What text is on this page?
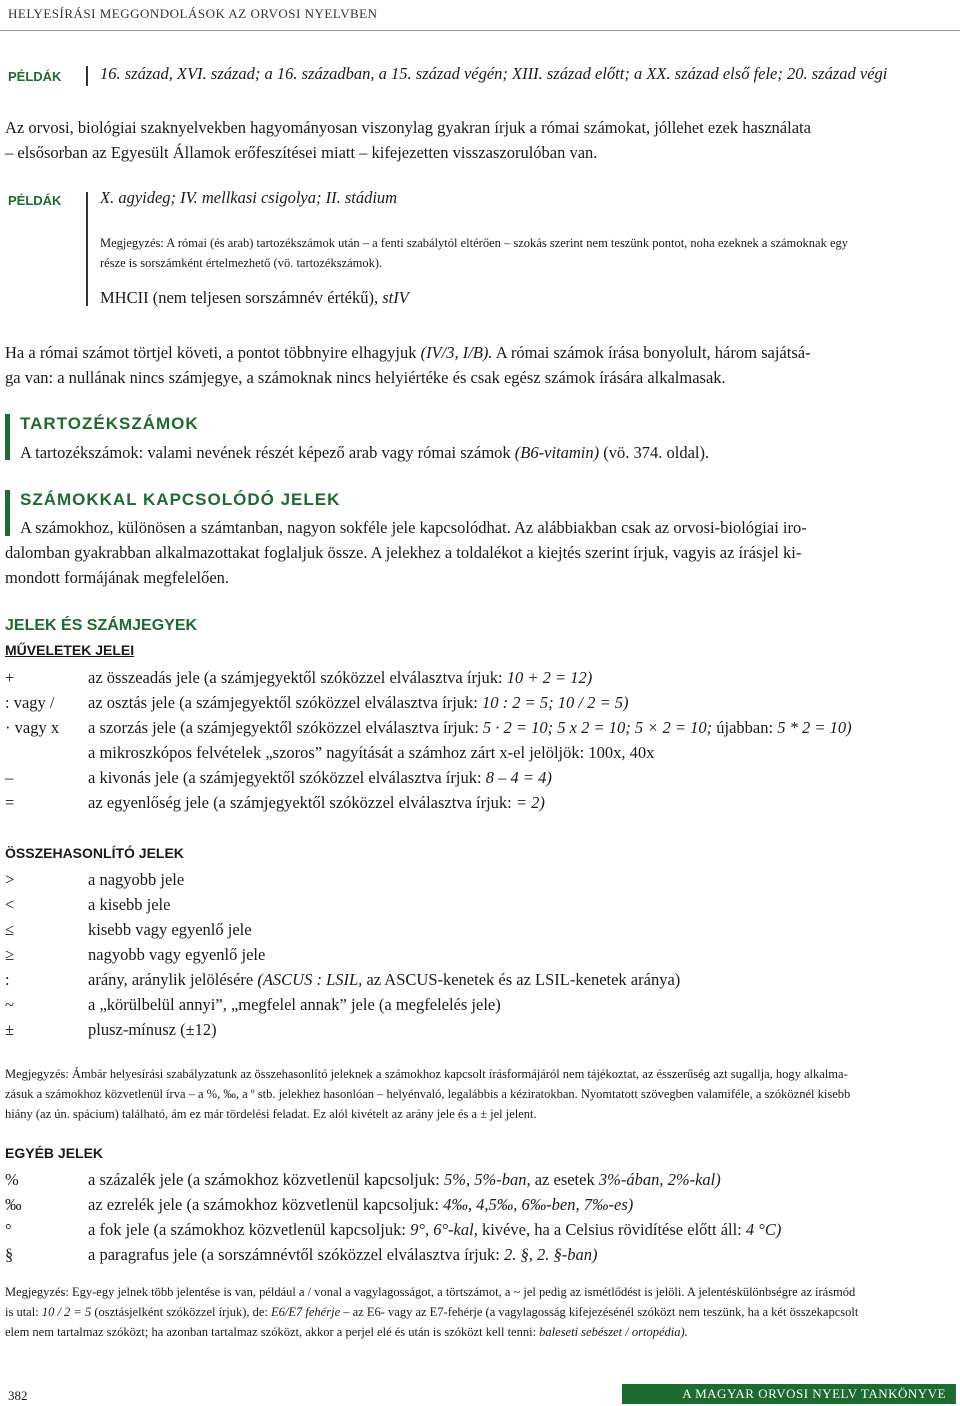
HELYESÍRÁSI MEGGONDOLÁSOK AZ ORVOSI NYELVBEN
PÉLDÁK 16. század, XVI. század; a 16. században, a 15. század végén; XIII. század előtt; a XX. század első fele; 20. század végi
Az orvosi, biológiai szaknyelvekben hagyományosan viszonylag gyakran írjuk a római számokat, jóllehet ezek használata
– elsősorban az Egyesült Államok erőfeszítései miatt – kifejezetten visszaszorulóban van.
PÉLDÁK X. agyideg; IV. mellkasi csigolya; II. stádium
Megjegyzés: A római (és arab) tartozékszámok után – a fenti szabálytól eltérően – szokás szerint nem teszünk pontot, noha ezeknek a számoknak egy
része is sorszámként értelmezhető (vö. tartozékszámok).
MHCII (nem teljesen sorszámnév értékű), stIV
Ha a római számot törtjel követi, a pontot többnyire elhagyjuk (IV/3, I/B). A római számok írása bonyolult, három sajátsá-
ga van: a nullának nincs számjegye, a számoknak nincs helyiértéke és csak egész számok írására alkalmasak.
TARTOZÉKSZÁMOK
A tartozékszámok: valami nevének részét képező arab vagy római számok (B6-vitamin) (vö. 374. oldal).
SZÁMOKKAL KAPCSOLÓDÓ JELEK
A számokhoz, különösen a számtanban, nagyon sokféle jele kapcsolódhat. Az alábbiakban csak az orvosi-biológiai iro-
dalomban gyakrabban alkalmazottakat foglaljuk össze. A jelekhez a toldalékot a kiejtés szerint írjuk, vagyis az írásjel ki-
mondott formájának megfelelően.
JELEK ÉS SZÁMJEGYEK
MŰVELETEK JELEI
+	az összeadás jele (a számjegyektől szóközzel elválasztva írjuk: 10 + 2 = 12)
: vagy / az osztás jele (a számjegyektől szóközzel elválasztva írjuk: 10 : 2 = 5; 10 / 2 = 5)
· vagy x a szorzás jele (a számjegyektől szóközzel elválasztva írjuk: 5 · 2 = 10; 5 x 2 = 10; 5 × 2 = 10; újabban: 5 * 2 = 10)
a mikroszkópos felvételek „szoros” nagyítását a számhoz zárt x-el jelöljök: 100x, 40x
–	a kivonás jele (a számjegyektől szóközzel elválasztva írjuk: 8 – 4 = 4)
=	az egyenlőség jele (a számjegyektől szóközzel elválasztva írjuk: = 2)
ÖSSZEHASONLÍTÓ JELEK
>	a nagyobb jele
<	a kisebb jele
≤	kisebb vagy egyenlő jele
≥	nagyobb vagy egyenlő jele
:	arány, aránylik jelölésére (ASCUS : LSIL, az ASCUS-kenetek és az LSIL-kenetek aránya)
~	a „körülbelül annyi”, „megfelel annak” jele (a megfelelés jele)
±	plusz-mínusz (±12)
Megjegyzés: Ámbár helyesírási szabályzatunk az összehasonlító jeleknek a számokhoz kapcsolt írásformájáról nem tájékoztat, az ésszerűség azt sugallja, hogy alkalma-
zásuk a számokhoz közvetlenül írva – a %, ‰, a º stb. jelekhez hasonlóan – helyénvaló, legalábbis a kéziratokban. Nyomtatott szövegben valamiféle, a szóköznél kisebb
hiány (az ún. spácium) található, ám ez már tördelési feladat. Ez alól kivételt az arány jele és a ± jel jelent.
EGYÉB JELEK
%	a százalék jele (a számokhoz közvetlenül kapcsoljuk: 5%, 5%-ban, az esetek 3%-ában, 2%-kal)
‰	az ezrelék jele (a számokhoz közvetlenül kapcsoljuk: 4‰, 4,5‰, 6‰-ben, 7‰-es)
°	a fok jele (a számokhoz közvetlenül kapcsoljuk: 9°, 6°-kal, kivéve, ha a Celsius rövidítése előtt áll: 4 °C)
§	a paragrafus jele (a sorszámnévtől szóközzel elválasztva írjuk: 2. §, 2. §-ban)
Megjegyzés: Egy-egy jelnek több jelentése is van, például a / vonal a vagylagosságot, a törtszámot, a ~ jel pedig az ismétlődést is jelöli. A jelentéskülönbségre az írásmód
is utal: 10 / 2 = 5 (osztásjelként szóközzel írjuk), de: E6/E7 fehérje – az E6- vagy az E7-fehérje (a vagylagosság kifejezésénél szóközt nem teszünk, ha a két összekapcsolt
elem nem tartalmaz szóközt; ha azonban tartalmaz szóközt, akkor a perjel elé és után is szóközt kell tenni: baleseti sebészet / ortopédia).
382	A MAGYAR ORVOSI NYELV TANKÖNYVE
